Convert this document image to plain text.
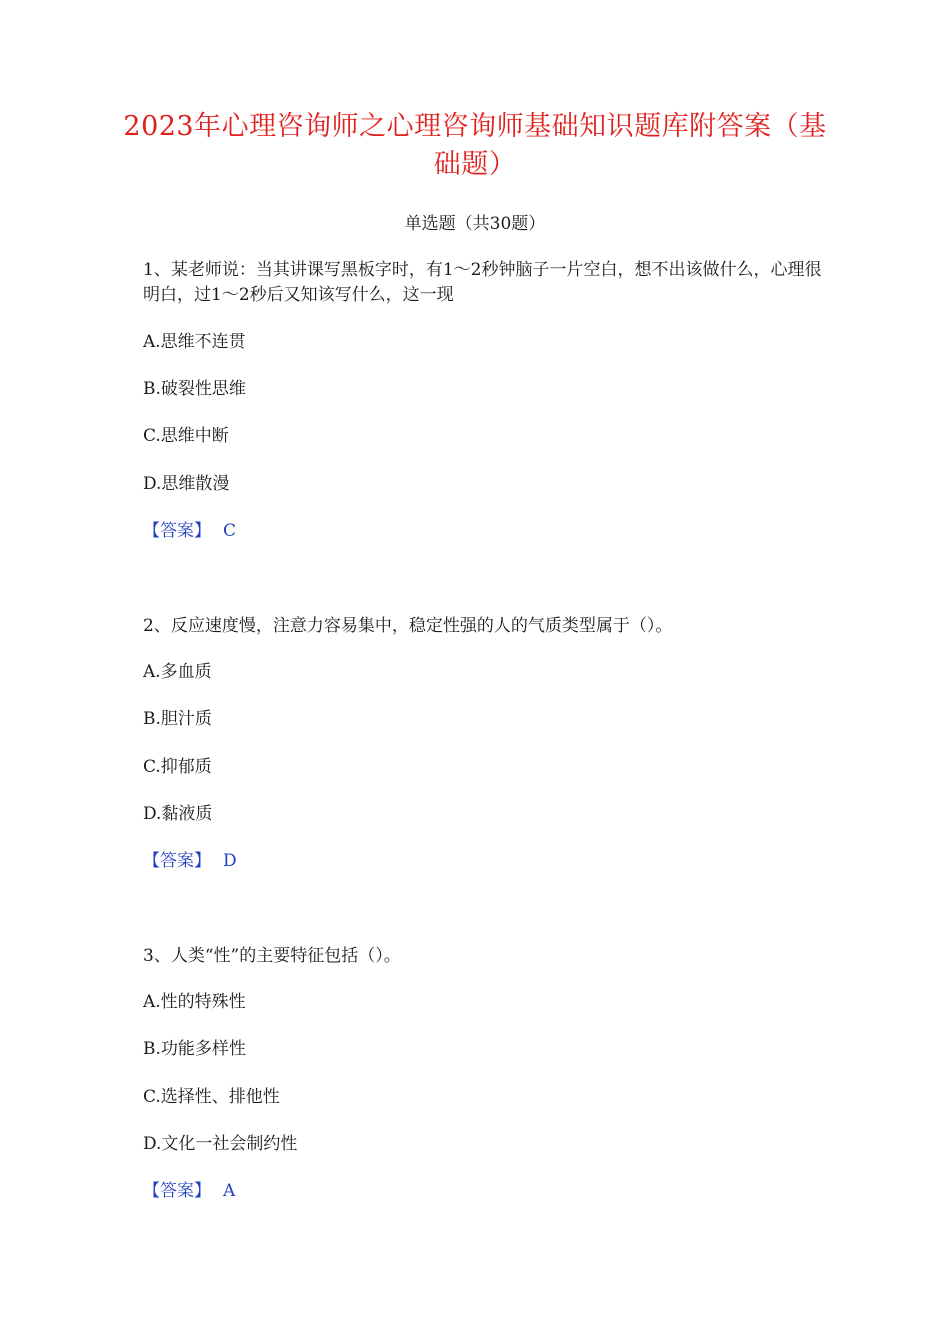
2023年心理咨询师之心理咨询师基础知识题库附答案（基础题）
单选题（共30题）
1、某老师说：当其讲课写黑板字时，有1～2秒钟脑子一片空白，想不出该做什么，心理很明白，过1～2秒后又知该写什么，这一现
A.思维不连贯
B.破裂性思维
C.思维中断
D.思维散漫
【答案】 C
2、反应速度慢，注意力容易集中，稳定性强的人的气质类型属于（）。
A.多血质
B.胆汁质
C.抑郁质
D.黏液质
【答案】 D
3、人类“性”的主要特征包括（）。
A.性的特殊性
B.功能多样性
C.选择性、排他性
D.文化一社会制约性
【答案】 A
